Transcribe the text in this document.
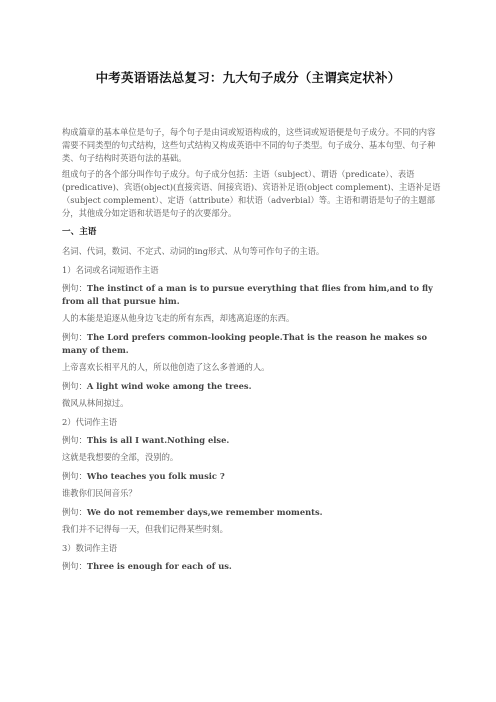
中考英语语法总复习：九大句子成分（主谓宾定状补）

构成篇章的基本单位是句子，每个句子是由词或短语构成的，这些词或短语便是句子成分。不同的内容需要不同类型的句式结构，这些句式结构又构成英语中不同的句子类型。句子成分、基本句型、句子种类、句子结构时英语句法的基础。

组成句子的各个部分叫作句子成分。句子成分包括：主语（subject）、谓语（predicate）、表语(predicative)、宾语(object)(直接宾语、间接宾语)、宾语补足语(object complement)、主语补足语（subject complement）、定语（attribute）和状语（adverbial）等。主语和谓语是句子的主题部分，其他成分如定语和状语是句子的次要部分。

一、主语

名词、代词，数词、不定式、动词的ing形式、从句等可作句子的主语。

1）名词或名词短语作主语

例句：The instinct of a man is to pursue everything that flies from him,and to fly from all that pursue him.

人的本能是追逐从他身边飞走的所有东西，却逃离追逐的东西。

例句：The Lord prefers common-looking people.That is the reason he makes so many of them.

上帝喜欢长相平凡的人，所以他创造了这么多普通的人。

例句：A light wind woke among the trees.

微风从林间掠过。

2）代词作主语

例句：This is all I want.Nothing else.

这就是我想要的全部，没别的。

例句：Who teaches you folk music ?

谁教你们民间音乐？

例句：We do not remember days,we remember moments.

我们并不记得每一天，但我们记得某些时刻。

3）数词作主语

例句：Three is enough for each of us.
